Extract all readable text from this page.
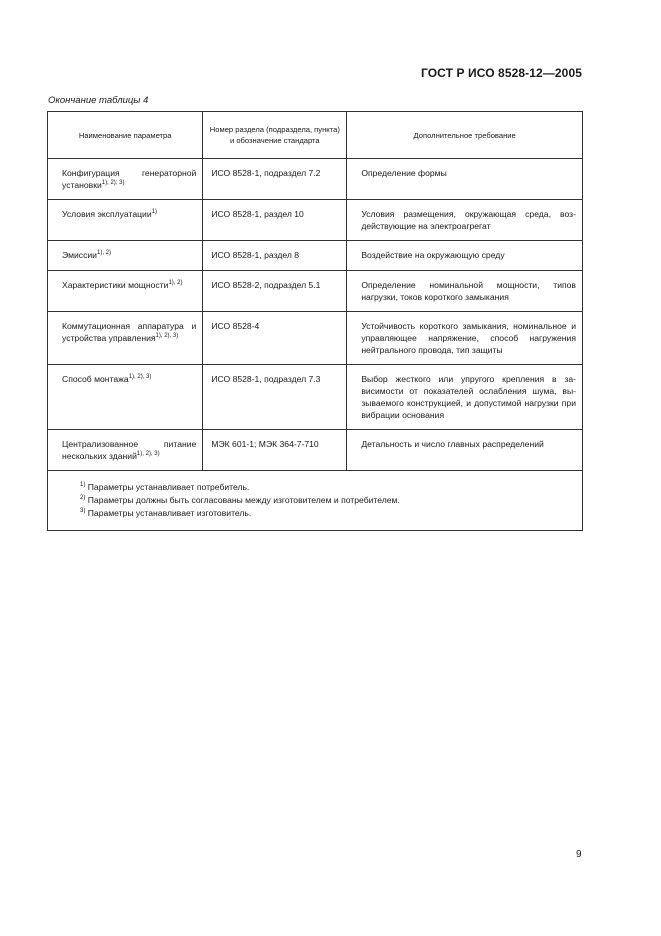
ГОСТ Р ИСО 8528-12—2005
Окончание таблицы 4
Наименование параметра	Номер раздела (подраздела, пункта) и обозначение стандарта	Дополнительное требование
Конфигурация генераторной установки$^{1), 2); 3)}$	ИСО 8528-1, подраздел 7.2	Определение формы
Условия эксплуатации$^{1)}$	ИСО 8528-1, раздел 10	Условия размещения, окружающая среда, воздействующие на электроагрегат
Эмиссии$^{1), 2)}$	ИСО 8528-1, раздел 8	Воздействие на окружающую среду
Характеристики мощности$^{1), 2)}$	ИСО 8528-2, подраздел 5.1	Определение номинальной мощности, типов нагрузки, токов короткого замыкания
Коммутационная аппаратура и устройства управления$^{1), 2), 3)}$	ИСО 8528-4	Устойчивость короткого замыкания, номинальное и управляющее напряжение, способ нагружения нейтрального провода, тип защиты
Способ монтажа$^{1), 2), 3)}$	ИСО 8528-1, подраздел 7.3	Выбор жесткого или упругого крепления в зависимости от показателей ослабления шума, вызываемого конструкцией, и допустимой нагрузки при вибрации основания
Централизованное питание нескольких зданий$^{1), 2), 3)}$	МЭК 601-1; МЭК 364-7-710	Детальность и число главных распределений

$^{1)}$ Параметры устанавливает потребитель.
$^{2)}$ Параметры должны быть согласованы между изготовителем и потребителем.
$^{3)}$ Параметры устанавливает изготовитель.		
9
